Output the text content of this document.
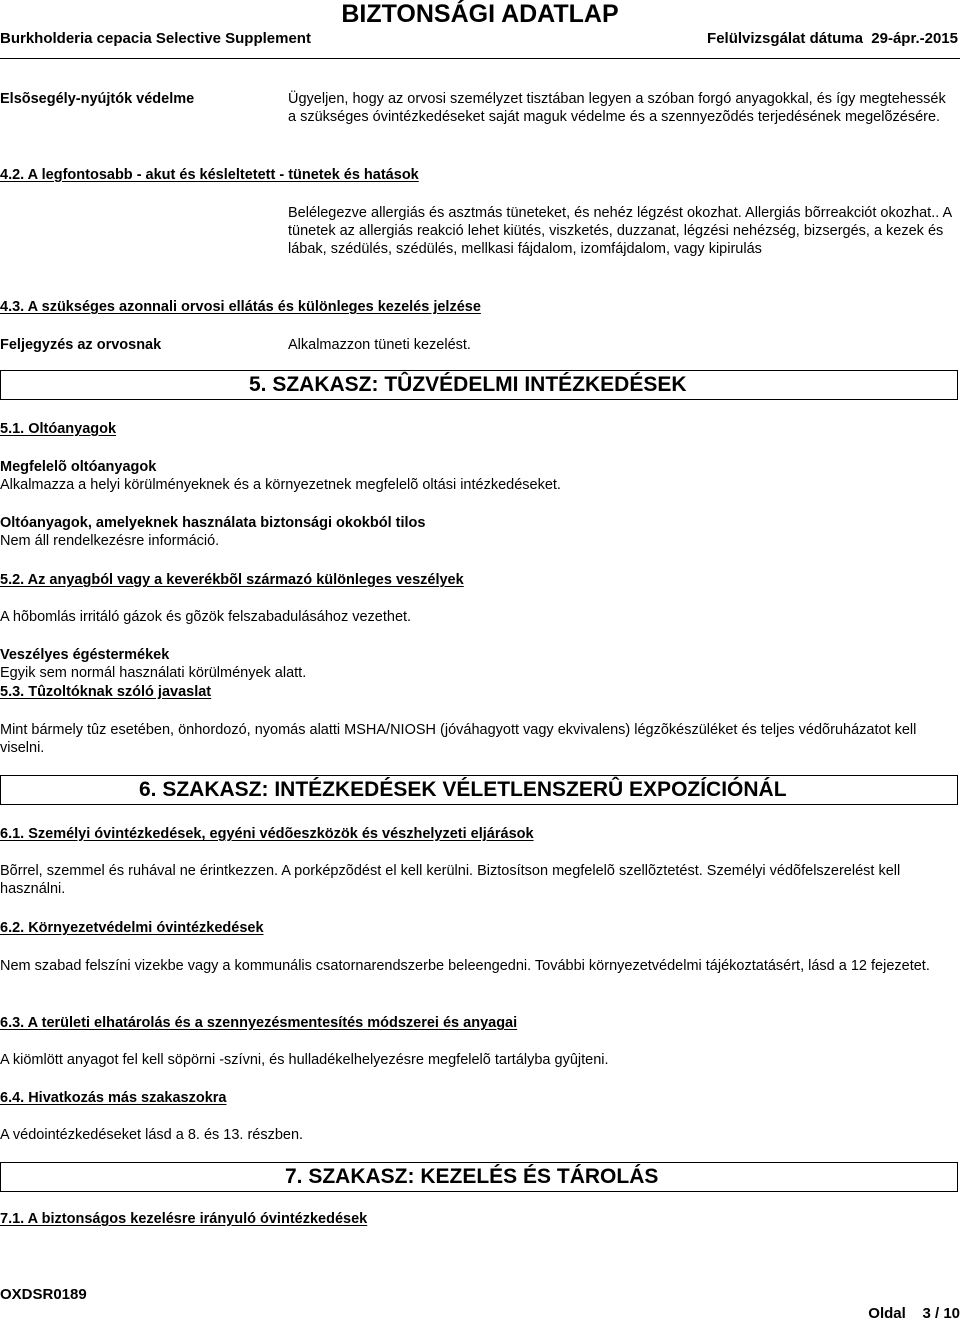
BIZTONSÁGI ADATLAP
Burkholderia cepacia Selective Supplement	Felülvizsgálat dátuma 29-ápr.-2015
Elsõsegély-nyújtók védelme	Ügyeljen, hogy az orvosi személyzet tisztában legyen a szóban forgó anyagokkal, és így megtehessék a szükséges óvintézkedéseket saját maguk védelme és a szennyezõdés terjedésének megelõzésére.
4.2. A legfontosabb - akut és késleltetett - tünetek és hatások
Belélegezve allergiás és asztmás tüneteket, és nehéz légzést okozhat. Allergiás bõrreakciót okozhat.. A tünetek az allergiás reakció lehet kiütés, viszketés, duzzanat, légzési nehézség, bizsergés, a kezek és lábak, szédülés, szédülés, mellkasi fájdalom, izomfájdalom, vagy kipirulás
4.3. A szükséges azonnali orvosi ellátás és különleges kezelés jelzése
Feljegyzés az orvosnak	Alkalmazzon tüneti kezelést.
5. SZAKASZ: TÛZVÉDELMI INTÉZKEDÉSEK
5.1. Oltóanyagok
Megfelelõ oltóanyagok
Alkalmazza a helyi körülményeknek és a környezetnek megfelelõ oltási intézkedéseket.
Oltóanyagok, amelyeknek használata biztonsági okokból tilos
Nem áll rendelkezésre információ.
5.2. Az anyagból vagy a keverékbõl származó különleges veszélyek
A hõbomlás irritáló gázok és gõzök felszabadulásához vezethet.
Veszélyes égéstermékek
Egyik sem normál használati körülmények alatt.
5.3. Tûzoltóknak szóló javaslat
Mint bármely tûz esetében, önhordozó, nyomás alatti MSHA/NIOSH (jóváhagyott vagy ekvivalens) légzõkészüléket és teljes védõruházatot kell viselni.
6. SZAKASZ: INTÉZKEDÉSEK VÉLETLENSZERÛ EXPOZÍCIÓNÁL
6.1. Személyi óvintézkedések, egyéni védõeszközök és vészhelyzeti eljárások
Bõrrel, szemmel és ruhával ne érintkezzen. A porképzõdést el kell kerülni. Biztosítson megfelelõ szellõztetést. Személyi védõfelszerelést kell használni.
6.2. Környezetvédelmi óvintézkedések
Nem szabad felszíni vizekbe vagy a kommunális csatornarendszerbe beleengedni. További környezetvédelmi tájékoztatásért, lásd a 12 fejezetet.
6.3. A területi elhatárolás és a szennyezésmentesítés módszerei és anyagai
A kiömlött anyagot fel kell söpörni -szívni, és hulladékelhelyezésre megfelelõ tartályba gyûjteni.
6.4. Hivatkozás más szakaszokra
A védointézkedéseket lásd a 8. és 13. részben.
7. SZAKASZ: KEZELÉS ÉS TÁROLÁS
7.1. A biztonságos kezelésre irányuló óvintézkedések
OXDSR0189
Oldal 3 / 10
